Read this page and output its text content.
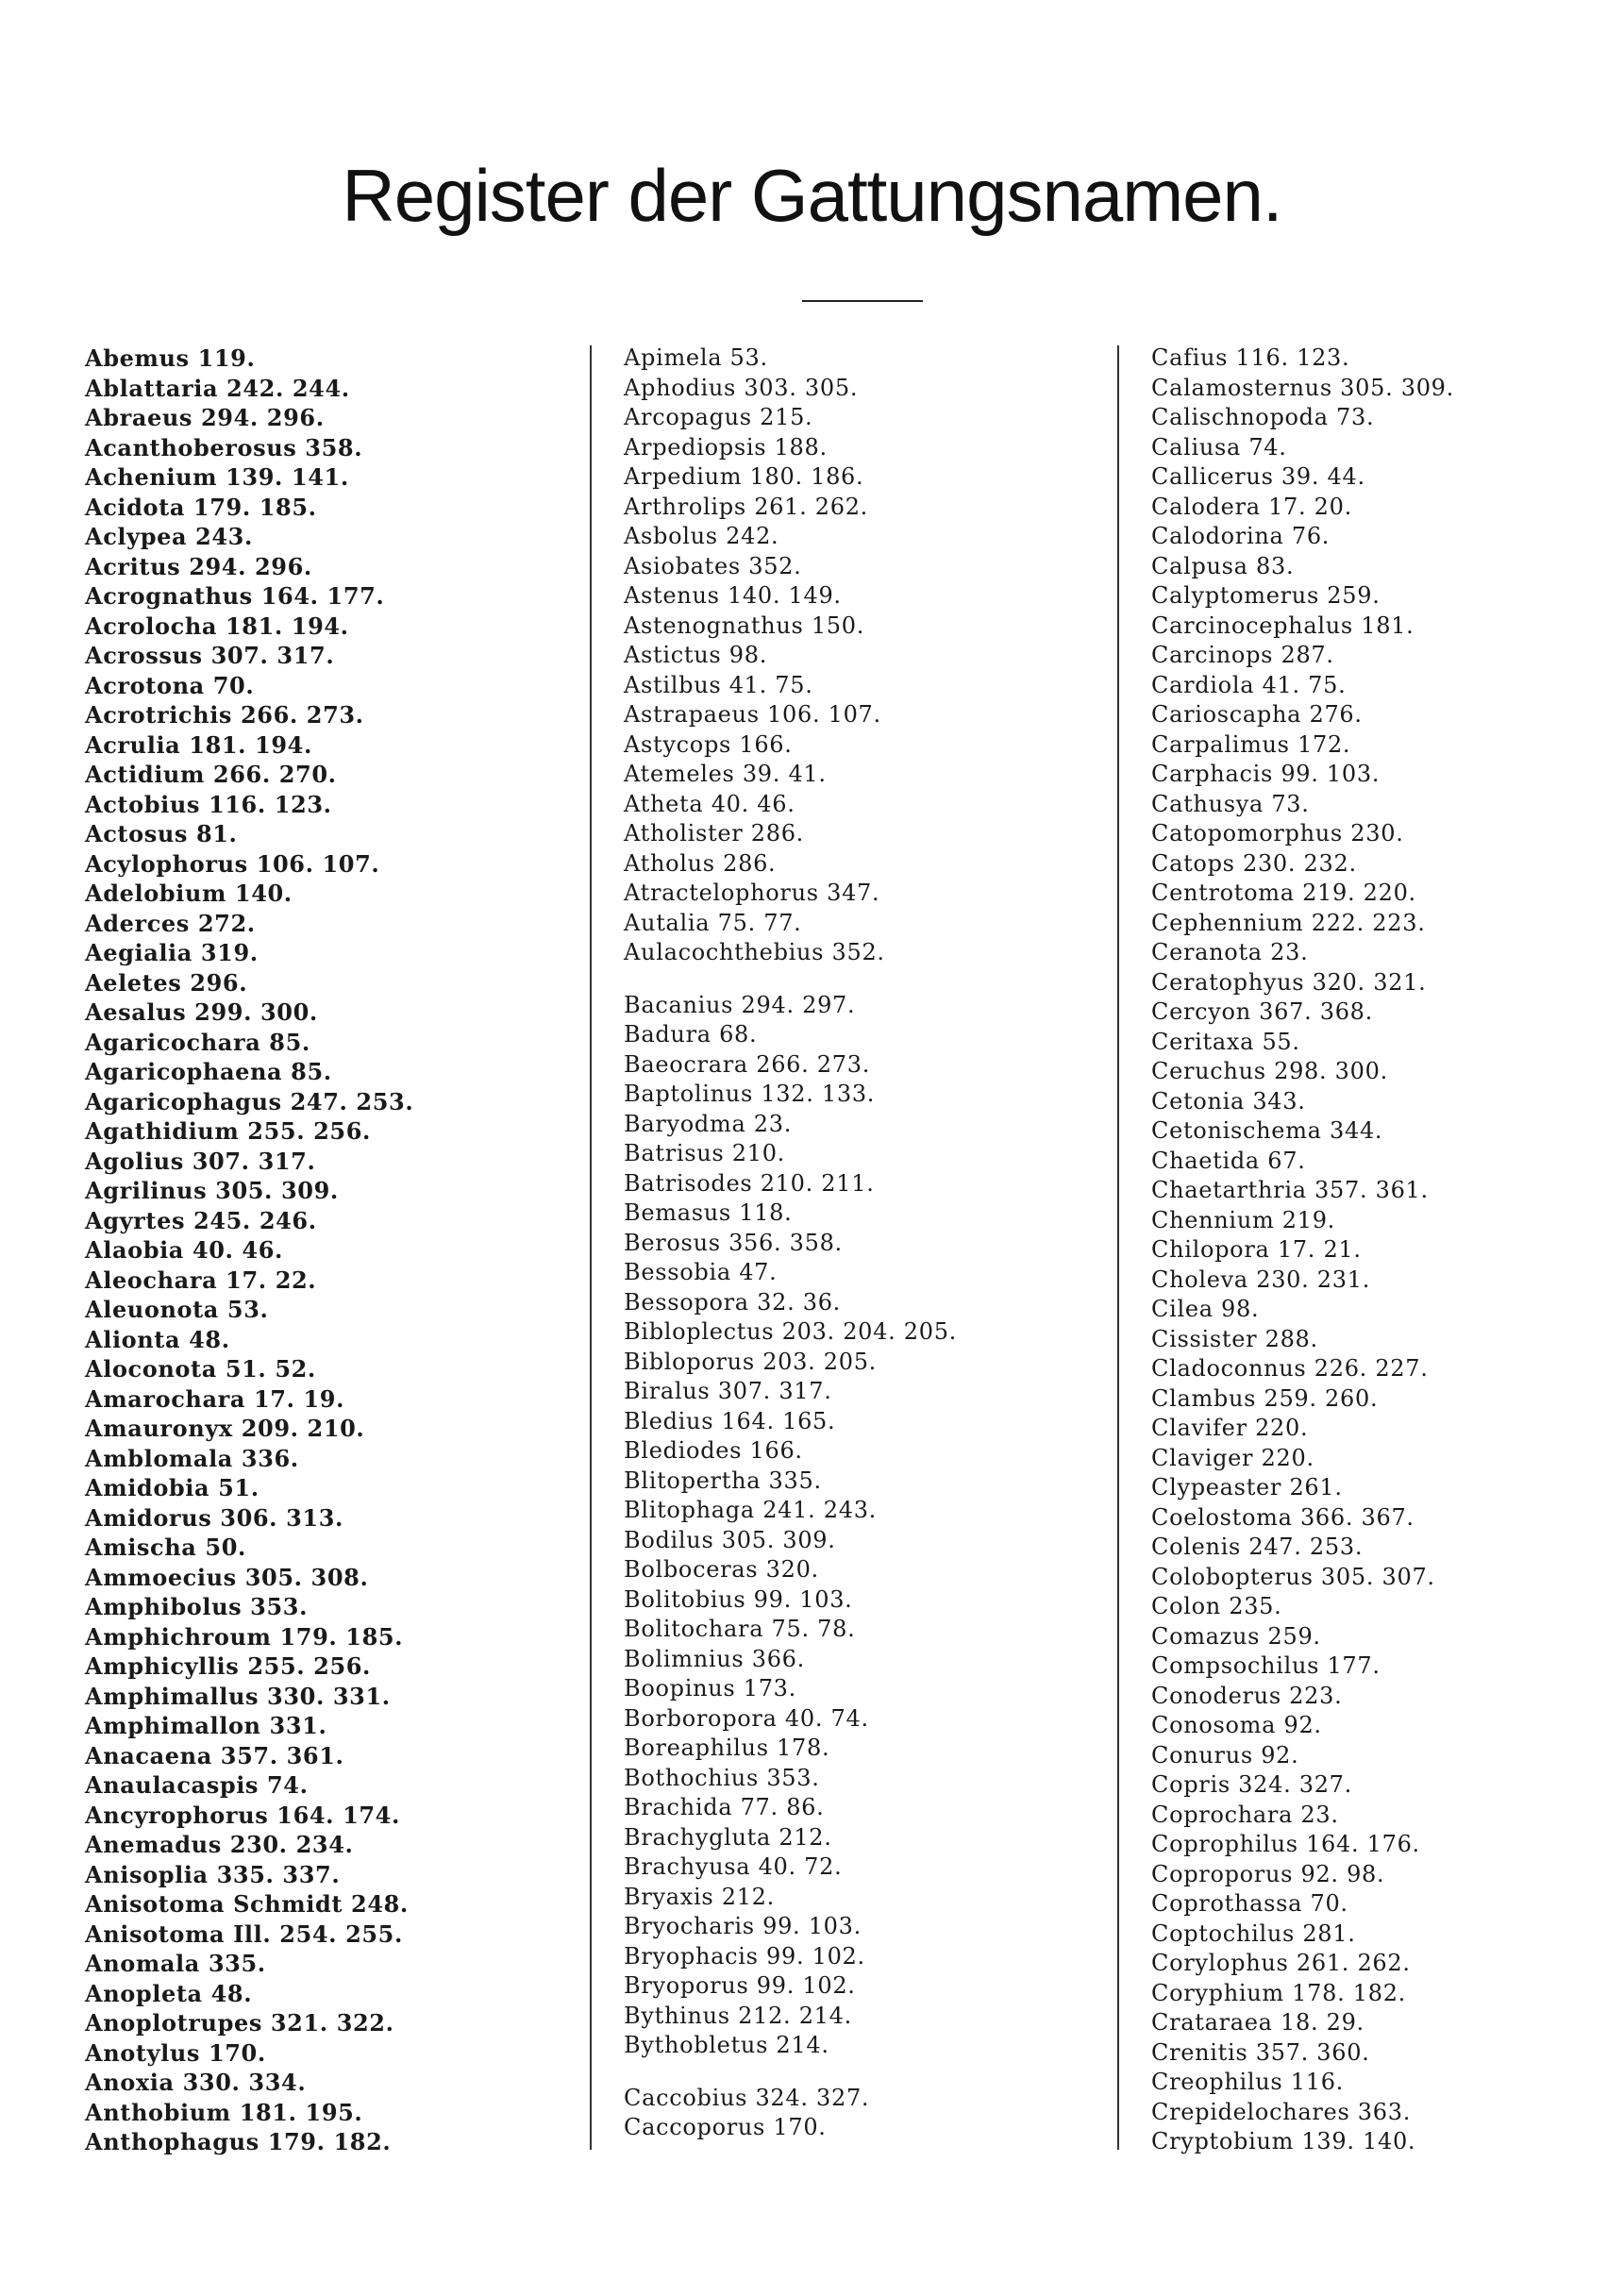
Register der Gattungsnamen.
Abemus 119.
Ablattaria 242. 244.
Abraeus 294. 296.
Acanthoberosus 358.
Achenium 139. 141.
Acidota 179. 185.
Aclypea 243.
Acritus 294. 296.
Acrognathus 164. 177.
Acrolocha 181. 194.
Acrossus 307. 317.
Acrotona 70.
Acrotrichis 266. 273.
Acrulia 181. 194.
Actidium 266. 270.
Actobius 116. 123.
Actosus 81.
Acylophorus 106. 107.
Adelobium 140.
Aderces 272.
Aegialia 319.
Aeletes 296.
Aesalus 299. 300.
Agaricochara 85.
Agaricophaena 85.
Agaricophagus 247. 253.
Agathidium 255. 256.
Agolius 307. 317.
Agrilinus 305. 309.
Agyrtes 245. 246.
Alaobia 40. 46.
Aleochara 17. 22.
Aleuonota 53.
Alionta 48.
Aloconota 51. 52.
Amarochara 17. 19.
Amauronyx 209. 210.
Amblomala 336.
Amidobia 51.
Amidorus 306. 313.
Amischa 50.
Ammoecius 305. 308.
Amphibolus 353.
Amphichroum 179. 185.
Amphicyllis 255. 256.
Amphimallus 330. 331.
Amphimallon 331.
Anacaena 357. 361.
Anaulacaspis 74.
Ancyrophorus 164. 174.
Anemadus 230. 234.
Anisoplia 335. 337.
Anisotoma Schmidt 248.
Anisotoma Ill. 254. 255.
Anomala 335.
Anopleta 48.
Anoplotrupes 321. 322.
Anotylus 170.
Anoxia 330. 334.
Anthobium 181. 195.
Anthophagus 179. 182.
Apimela 53.
Aphodius 303. 305.
Arcopagus 215.
Arpediopsis 188.
Arpedium 180. 186.
Arthrolips 261. 262.
Asbolus 242.
Asiobates 352.
Astenus 140. 149.
Astenognathus 150.
Astictus 98.
Astilbus 41. 75.
Astrapaeus 106. 107.
Astycops 166.
Atemeles 39. 41.
Atheta 40. 46.
Atholister 286.
Atholus 286.
Atractelophorus 347.
Autalia 75. 77.
Aulacochthebius 352.
Bacanius 294. 297.
Badura 68.
Baeocrara 266. 273.
Baptolinus 132. 133.
Baryodma 23.
Batrisus 210.
Batrisodes 210. 211.
Bemasus 118.
Berosus 356. 358.
Bessobia 47.
Bessopora 32. 36.
Bibloplectus 203. 204. 205.
Bibloporus 203. 205.
Biralus 307. 317.
Bledius 164. 165.
Blediodes 166.
Blitopertha 335.
Blitophaga 241. 243.
Bodilus 305. 309.
Bolboceras 320.
Bolitobius 99. 103.
Bolitochara 75. 78.
Bolimnius 366.
Boopinus 173.
Borboropora 40. 74.
Boreaphilus 178.
Bothochius 353.
Brachida 77. 86.
Brachygluta 212.
Brachyusa 40. 72.
Bryaxis 212.
Bryocharis 99. 103.
Bryophacis 99. 102.
Bryoporus 99. 102.
Bythinus 212. 214.
Bythobletus 214.
Caccobius 324. 327.
Caccoporus 170.
Cafius 116. 123.
Calamosternus 305. 309.
Calischnopoda 73.
Caliusa 74.
Callicerus 39. 44.
Calodera 17. 20.
Calodorina 76.
Calpusa 83.
Calyptomerus 259.
Carcinocephalus 181.
Carcinops 287.
Cardiola 41. 75.
Carioscapha 276.
Carpalimus 172.
Carphacis 99. 103.
Cathusya 73.
Catopomorphus 230.
Catops 230. 232.
Centrotoma 219. 220.
Cephennium 222. 223.
Ceranota 23.
Ceratophyus 320. 321.
Cercyon 367. 368.
Ceritaxa 55.
Ceruchus 298. 300.
Cetonia 343.
Cetonischema 344.
Chaetida 67.
Chaetarthria 357. 361.
Chennium 219.
Chilopora 17. 21.
Choleva 230. 231.
Cilea 98.
Cissister 288.
Cladoconnus 226. 227.
Clambus 259. 260.
Clavifer 220.
Claviger 220.
Clypeaster 261.
Coelostoma 366. 367.
Colenis 247. 253.
Colobopterus 305. 307.
Colon 235.
Comazus 259.
Compsochilus 177.
Conoderus 223.
Conosoma 92.
Conurus 92.
Copris 324. 327.
Coprochara 23.
Coprophilus 164. 176.
Coproporus 92. 98.
Coprothassa 70.
Coptochilus 281.
Corylophus 261. 262.
Coryphium 178. 182.
Crataraea 18. 29.
Crenitis 357. 360.
Creophilus 116.
Crepidelochares 363.
Cryptobium 139. 140.
